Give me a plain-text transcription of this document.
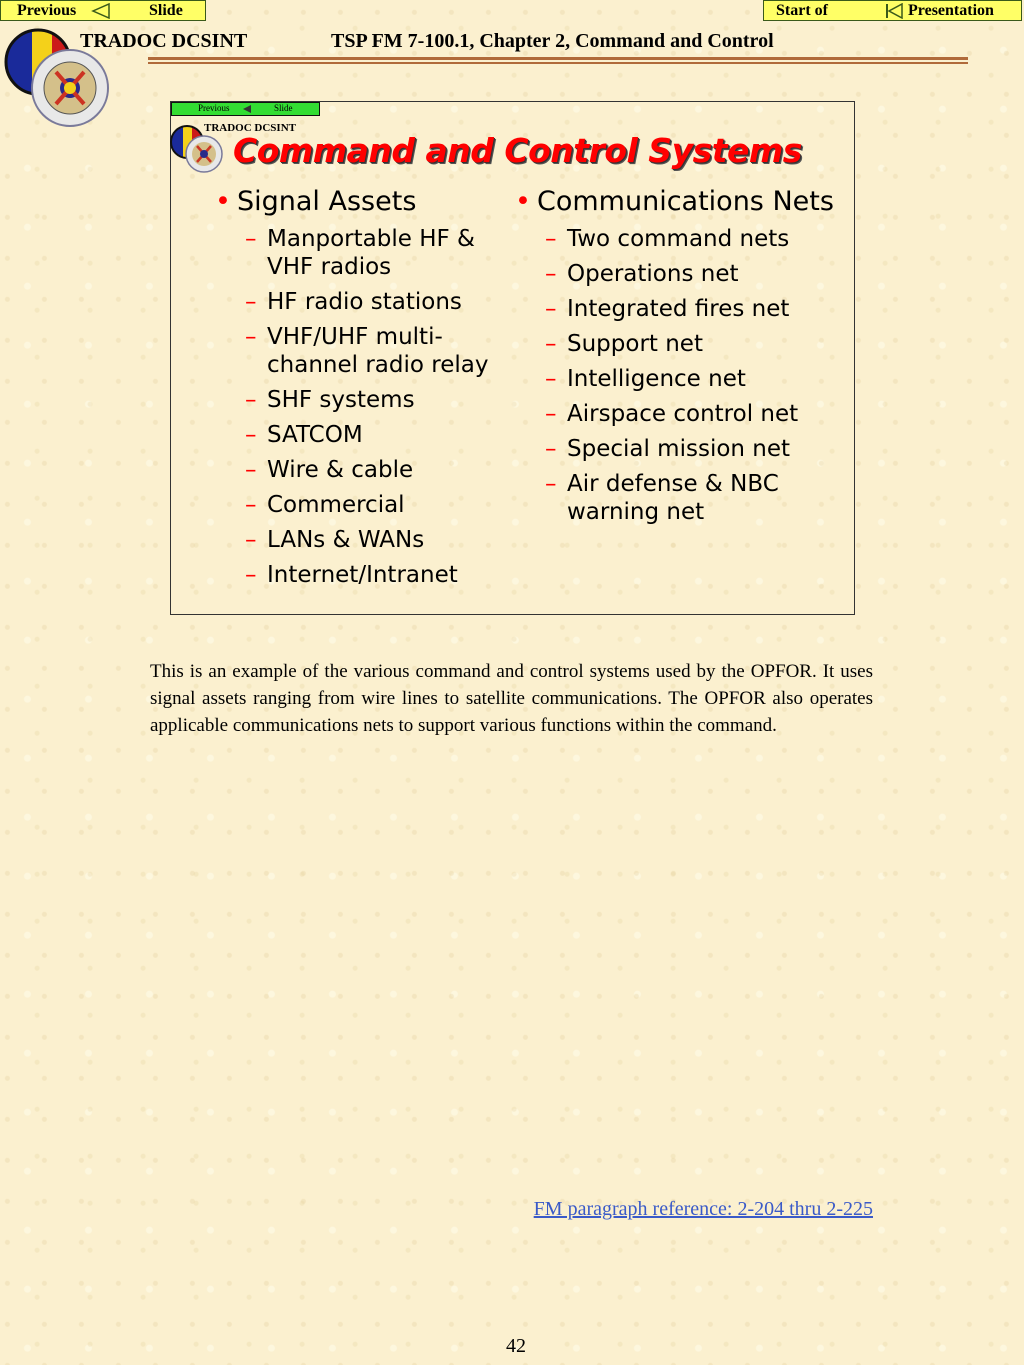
Previous	Slide	Start of	Presentation
TRADOC DCSINT	TSP FM 7-100.1, Chapter 2, Command and Control
Previous	Slide
TRADOC DCSINT
Command and Control Systems
• Signal Assets
– Manportable HF & VHF radios
– HF radio stations
– VHF/UHF multi-channel radio relay
– SHF systems
– SATCOM
– Wire & cable
– Commercial
– LANs & WANs
– Internet/Intranet
• Communications Nets
– Two command nets
– Operations net
– Integrated fires net
– Support net
– Intelligence net
– Airspace control net
– Special mission net
– Air defense & NBC warning net
This is an example of the various command and control systems used by the OPFOR. It uses signal assets ranging from wire lines to satellite communications. The OPFOR also operates applicable communications nets to support various functions within the command.
FM paragraph reference: 2-204 thru 2-225
42
